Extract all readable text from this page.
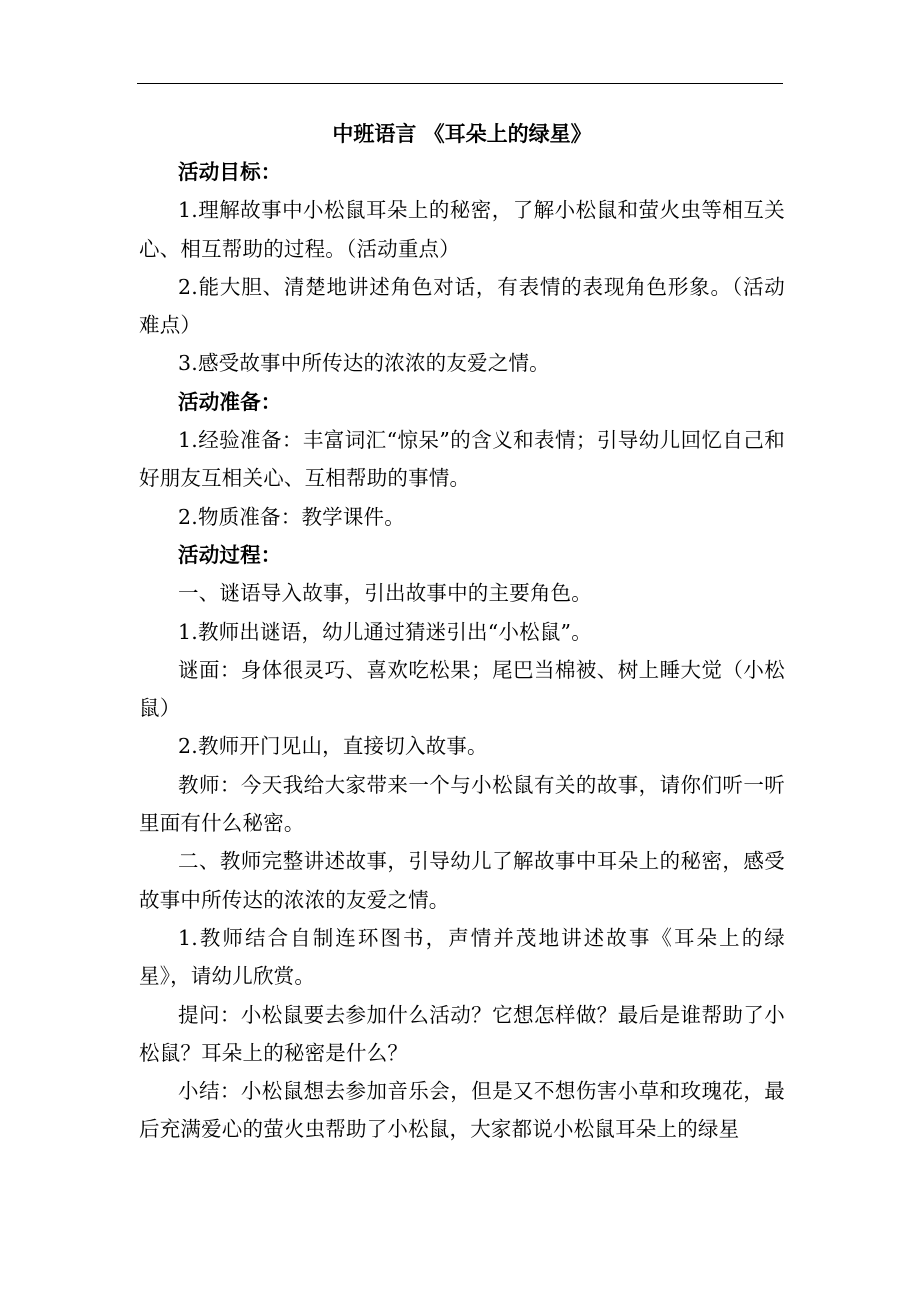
中班语言 《耳朵上的绿星》
活动目标：
1.理解故事中小松鼠耳朵上的秘密，了解小松鼠和萤火虫等相互关心、相互帮助的过程。（活动重点）
2.能大胆、清楚地讲述角色对话，有表情的表现角色形象。（活动难点）
3.感受故事中所传达的浓浓的友爱之情。
活动准备：
1.经验准备：丰富词汇“惊呆”的含义和表情；引导幼儿回忆自己和好朋友互相关心、互相帮助的事情。
2.物质准备：教学课件。
活动过程：
一、谜语导入故事，引出故事中的主要角色。
1.教师出谜语，幼儿通过猜迷引出“小松鼠”。
谜面：身体很灵巧、喜欢吃松果；尾巴当棉被、树上睡大觉（小松鼠）
2.教师开门见山，直接切入故事。
教师：今天我给大家带来一个与小松鼠有关的故事，请你们听一听里面有什么秘密。
二、教师完整讲述故事，引导幼儿了解故事中耳朵上的秘密，感受故事中所传达的浓浓的友爱之情。
1.教师结合自制连环图书，声情并茂地讲述故事《耳朵上的绿星》，请幼儿欣赏。
提问：小松鼠要去参加什么活动？它想怎样做？最后是谁帮助了小松鼠？耳朵上的秘密是什么？
小结：小松鼠想去参加音乐会，但是又不想伤害小草和玫瑰花，最后充满爱心的萤火虫帮助了小松鼠，大家都说小松鼠耳朵上的绿星
